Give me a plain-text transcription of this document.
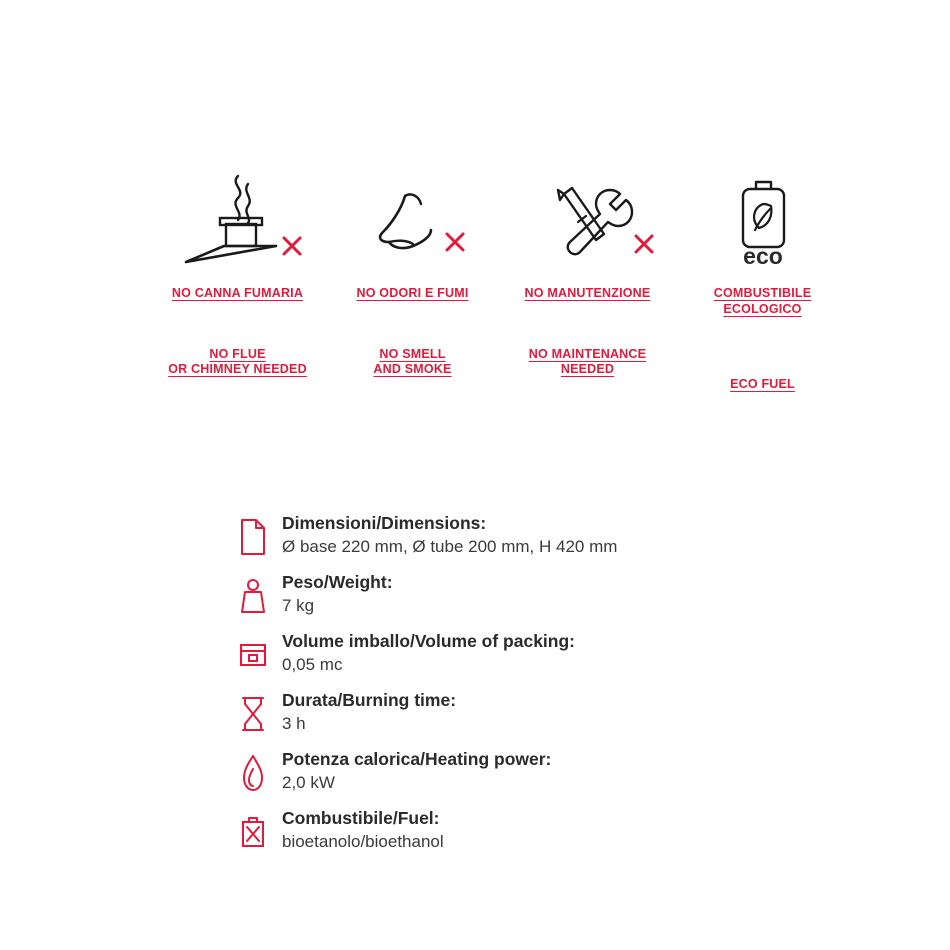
NO CANNA FUMARIA
NO FLUE
OR CHIMNEY NEEDED
NO ODORI E FUMI
NO SMELL
AND SMOKE
NO MANUTENZIONE
NO MAINTENANCE
NEEDED
eco
COMBUSTIBILE
ECOLOGICO
ECO FUEL
Dimensioni/Dimensions:
Ø base 220 mm, Ø tube 200 mm, H 420 mm
Peso/Weight:
7 kg
Volume imballo/Volume of packing:
0,05 mc
Durata/Burning time:
3 h
Potenza calorica/Heating power:
2,0 kW
Combustibile/Fuel:
bioetanolo/bioethanol
